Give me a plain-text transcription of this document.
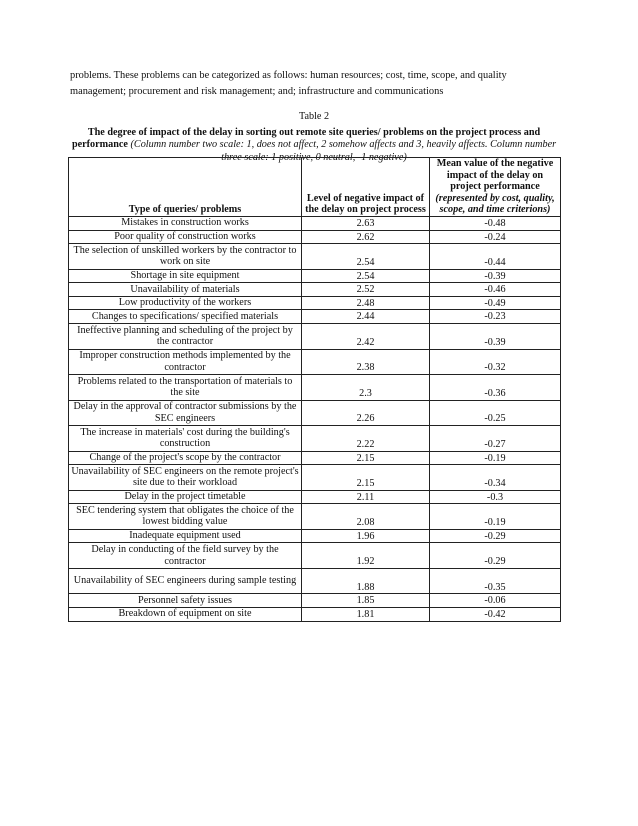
problems. These problems can be categorized as follows: human resources; cost, time, scope, and quality management; procurement and risk management; and; infrastructure and communications

Table 2
The degree of impact of the delay in sorting out remote site queries/ problems on the project process and performance (Column number two scale: 1, does not affect, 2 somehow affects and 3, heavily affects. Column number three scale: 1 positive, 0 neutral, -1 negative)
Type of queries/ problems	Level of negative impact of the delay on project process	Mean value of the negative impact of the delay on project performance (represented by cost, quality, scope, and time criterions)
Mistakes in construction works	2.63	-0.48
Poor quality of construction works	2.62	-0.24
The selection of unskilled workers by the contractor to work on site	2.54	-0.44
Shortage in site equipment	2.54	-0.39
Unavailability of materials	2.52	-0.46
Low productivity of the workers	2.48	-0.49
Changes to specifications/ specified materials	2.44	-0.23
Ineffective planning and scheduling of the project by the contractor	2.42	-0.39
Improper construction methods implemented by the contractor	2.38	-0.32
Problems related to the transportation of materials to the site	2.3	-0.36
Delay in the approval of contractor submissions by the SEC engineers	2.26	-0.25
The increase in materials' cost during the building's construction	2.22	-0.27
Change of the project's scope by the contractor	2.15	-0.19
Unavailability of SEC engineers on the remote project's site due to their workload	2.15	-0.34
Delay in the project timetable	2.11	-0.3
SEC tendering system that obligates the choice of the lowest bidding value	2.08	-0.19
Inadequate equipment used	1.96	-0.29
Delay in conducting of the field survey by the contractor	1.92	-0.29
Unavailability of SEC engineers during sample testing	1.88	-0.35
Personnel safety issues	1.85	-0.06
Breakdown of equipment on site	1.81	-0.42
